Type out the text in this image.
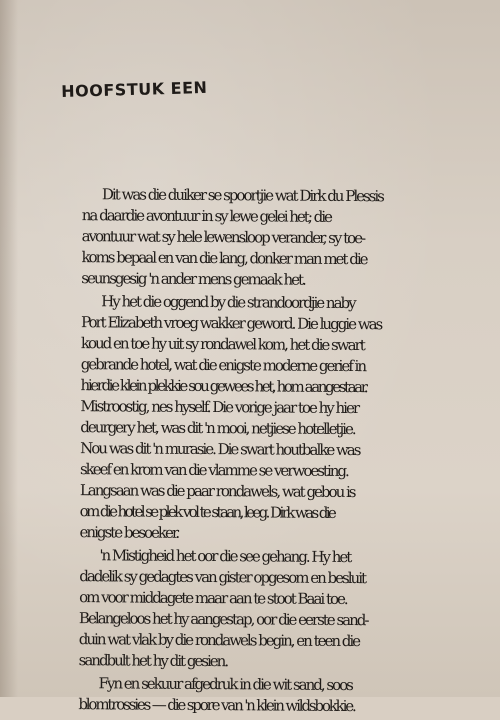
HOOFSTUK EEN
Dit was die duiker se spoortjie wat Dirk du Plessis
na daardie avontuur in sy lewe gelei het; die
avontuur wat sy hele lewensloop verander, sy toe-
koms bepaal en van die lang, donker man met die
seunsgesig 'n ander mens gemaak het.
Hy het die oggend by die strandoordjie naby
Port Elizabeth vroeg wakker geword. Die luggie was
koud en toe hy uit sy rondawel kom, het die swart
gebrande hotel, wat die enigste moderne gerief in
hierdie klein plekkie sou gewees het, hom aangestaar.
Mistroostig, nes hyself. Die vorige jaar toe hy hier
deurgery het, was dit 'n mooi, netjiese hotelletjie.
Nou was dit 'n murasie. Die swart houtbalke was
skeef en krom van die vlamme se verwoesting.
Langsaan was die paar rondawels, wat gebou is
om die hotel se plek vol te staan, leeg. Dirk was die
enigste besoeker.
'n Mistigheid het oor die see gehang. Hy het
dadelik sy gedagtes van gister opgesom en besluit
om voor middagete maar aan te stoot Baai toe.
Belangeloos het hy aangestap, oor die eerste sand-
duin wat vlak by die rondawels begin, en teen die
sandbult het hy dit gesien.
Fyn en sekuur afgedruk in die wit sand, soos
blomtrossies — die spore van 'n klein wildsbokkie.
